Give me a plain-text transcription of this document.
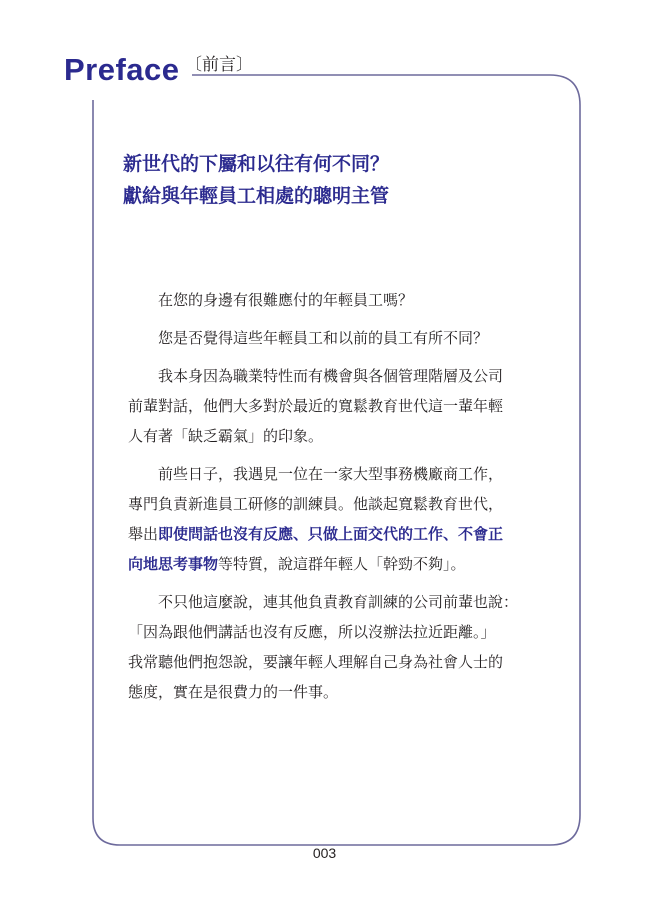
Preface 〔前言〕
新世代的下屬和以往有何不同？
獻給與年輕員工相處的聰明主管
在您的身邊有很難應付的年輕員工嗎？
您是否覺得這些年輕員工和以前的員工有所不同？
我本身因為職業特性而有機會與各個管理階層及公司
前輩對話，他們大多對於最近的寬鬆教育世代這一輩年輕
人有著「缺乏霸氣」的印象。
前些日子，我遇見一位在一家大型事務機廠商工作，
專門負責新進員工研修的訓練員。他談起寬鬆教育世代，
舉出即使問話也沒有反應、只做上面交代的工作、不會正
向地思考事物等特質，說這群年輕人「幹勁不夠」。
不只他這麼說，連其他負責教育訓練的公司前輩也說：
「因為跟他們講話也沒有反應，所以沒辦法拉近距離。」
我常聽他們抱怨說，要讓年輕人理解自己身為社會人士的
態度，實在是很費力的一件事。
003
